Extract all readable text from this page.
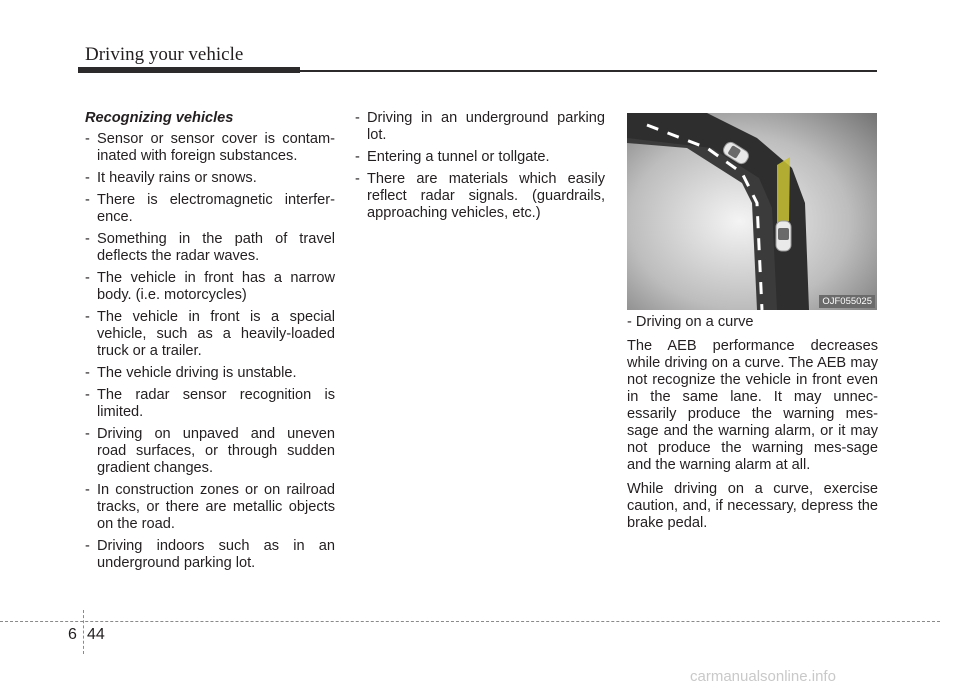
Driving your vehicle
Recognizing vehicles
- Sensor or sensor cover is contam-inated with foreign substances.
- It heavily rains or snows.
- There is electromagnetic interfer-ence.
- Something in the path of travel deflects the radar waves.
- The vehicle in front has a narrow body. (i.e. motorcycles)
- The vehicle in front is a special vehicle, such as a heavily-loaded truck or a trailer.
- The vehicle driving is unstable.
- The radar sensor recognition is limited.
- Driving on unpaved and uneven road surfaces, or through sudden gradient changes.
- In construction zones or on railroad tracks, or there are metallic objects on the road.
- Driving indoors such as in an underground parking lot.
- Driving in an underground parking lot.
- Entering a tunnel or tollgate.
- There are materials which easily reflect radar signals. (guardrails, approaching vehicles, etc.)
OJF055025

- Driving on a curve

The AEB performance decreases while driving on a curve. The AEB may not recognize the vehicle in front even in the same lane. It may unnec-essarily produce the warning mes-sage and the warning alarm, or it may not produce the warning mes-sage and the warning alarm at all.

While driving on a curve, exercise caution, and, if necessary, depress the brake pedal.

6 44
carmanualsonline.info
